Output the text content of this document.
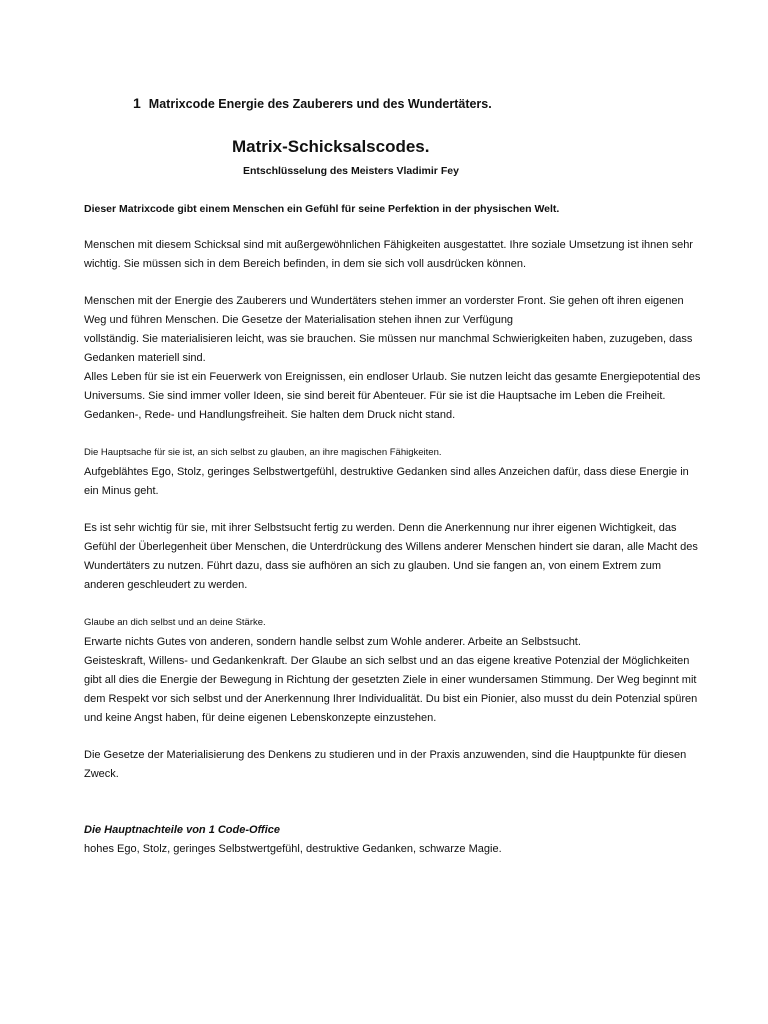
1 Matrixcode Energie des Zauberers und des Wundertäters.
Matrix-Schicksalscodes.
Entschlüsselung des Meisters Vladimir Fey
Dieser Matrixcode gibt einem Menschen ein Gefühl für seine Perfektion in der physischen Welt.
Menschen mit diesem Schicksal sind mit außergewöhnlichen Fähigkeiten ausgestattet. Ihre soziale Umsetzung ist ihnen sehr
wichtig. Sie müssen sich in dem Bereich befinden, in dem sie sich voll ausdrücken können.
Menschen mit der Energie des Zauberers und Wundertäters stehen immer an vorderster Front. Sie gehen oft ihren eigenen
Weg und führen Menschen. Die Gesetze der Materialisation stehen ihnen zur Verfügung
vollständig. Sie materialisieren leicht, was sie brauchen. Sie müssen nur manchmal Schwierigkeiten haben, zuzugeben, dass
Gedanken materiell sind.
Alles Leben für sie ist ein Feuerwerk von Ereignissen, ein endloser Urlaub. Sie nutzen leicht das gesamte Energiepotential des
Universums. Sie sind immer voller Ideen, sie sind bereit für Abenteuer. Für sie ist die Hauptsache im Leben die Freiheit.
Gedanken-, Rede- und Handlungsfreiheit. Sie halten dem Druck nicht stand.
Die Hauptsache für sie ist, an sich selbst zu glauben, an ihre magischen Fähigkeiten.
Aufgeblähtes Ego, Stolz, geringes Selbstwertgefühl, destruktive Gedanken sind alles Anzeichen dafür, dass diese Energie in
ein Minus geht.
Es ist sehr wichtig für sie, mit ihrer Selbstsucht fertig zu werden. Denn die Anerkennung nur ihrer eigenen Wichtigkeit, das
Gefühl der Überlegenheit über Menschen, die Unterdrückung des Willens anderer Menschen hindert sie daran, alle Macht des
Wundertäters zu nutzen. Führt dazu, dass sie aufhören an sich zu glauben. Und sie fangen an, von einem Extrem zum
anderen geschleudert zu werden.
Glaube an dich selbst und an deine Stärke.
Erwarte nichts Gutes von anderen, sondern handle selbst zum Wohle anderer. Arbeite an Selbstsucht.
Geisteskraft, Willens- und Gedankenkraft. Der Glaube an sich selbst und an das eigene kreative Potenzial der Möglichkeiten
gibt all dies die Energie der Bewegung in Richtung der gesetzten Ziele in einer wundersamen Stimmung. Der Weg beginnt mit
dem Respekt vor sich selbst und der Anerkennung Ihrer Individualität. Du bist ein Pionier, also musst du dein Potenzial spüren
und keine Angst haben, für deine eigenen Lebenskonzepte einzustehen.
Die Gesetze der Materialisierung des Denkens zu studieren und in der Praxis anzuwenden, sind die Hauptpunkte für diesen
Zweck.
Die Hauptnachteile von 1 Code-Office
hohes Ego, Stolz, geringes Selbstwertgefühl, destruktive Gedanken, schwarze Magie.
